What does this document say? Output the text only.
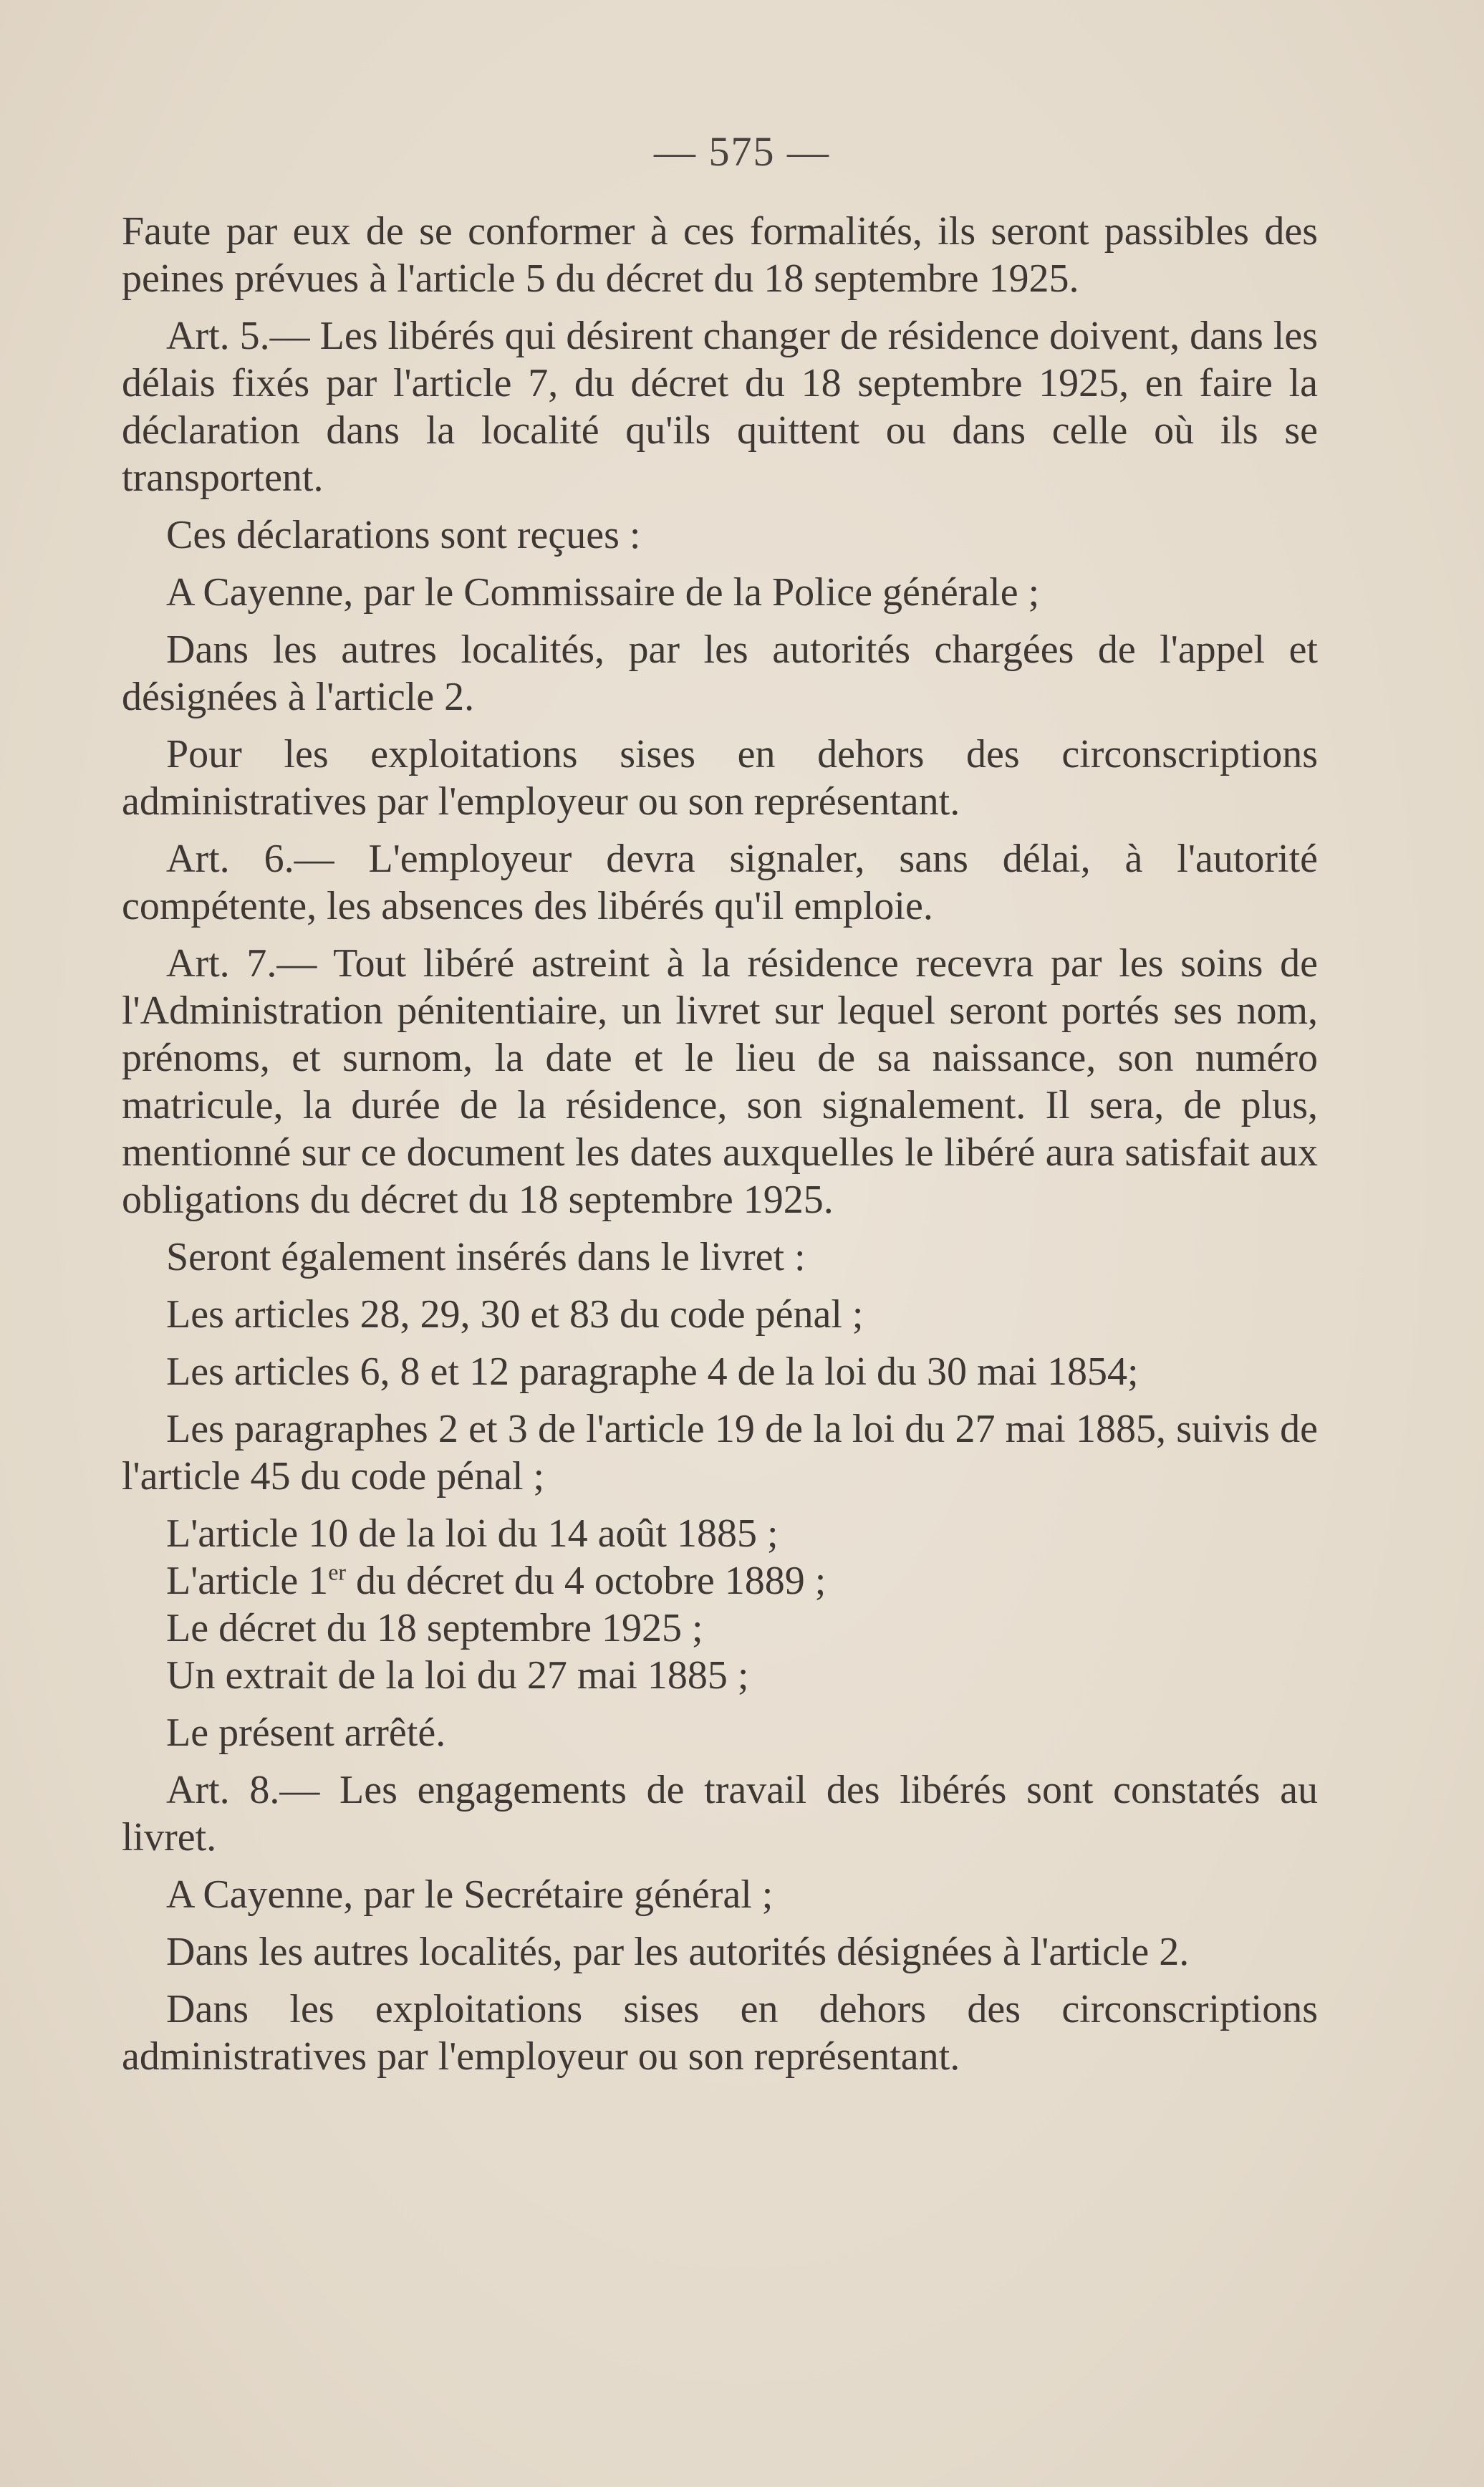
— 575 —

Faute par eux de se conformer à ces formalités, ils seront passibles des peines prévues à l'article 5 du décret du 18 septembre 1925.

Art. 5.— Les libérés qui désirent changer de résidence doivent, dans les délais fixés par l'article 7, du décret du 18 septembre 1925, en faire la déclaration dans la localité qu'ils quittent ou dans celle où ils se transportent.

Ces déclarations sont reçues :

A Cayenne, par le Commissaire de la Police générale ;

Dans les autres localités, par les autorités chargées de l'appel et désignées à l'article 2.

Pour les exploitations sises en dehors des circonscriptions administratives par l'employeur ou son représentant.

Art. 6.— L'employeur devra signaler, sans délai, à l'autorité compétente, les absences des libérés qu'il emploie.

Art. 7.— Tout libéré astreint à la résidence recevra par les soins de l'Administration pénitentiaire, un livret sur lequel seront portés ses nom, prénoms, et surnom, la date et le lieu de sa naissance, son numéro matricule, la durée de la résidence, son signalement. Il sera, de plus, mentionné sur ce document les dates auxquelles le libéré aura satisfait aux obligations du décret du 18 septembre 1925.

Seront également insérés dans le livret :

Les articles 28, 29, 30 et 83 du code pénal ;

Les articles 6, 8 et 12 paragraphe 4 de la loi du 30 mai 1854;

Les paragraphes 2 et 3 de l'article 19 de la loi du 27 mai 1885, suivis de l'article 45 du code pénal ;

L'article 10 de la loi du 14 août 1885 ;

L'article 1er du décret du 4 octobre 1889 ;

Le décret du 18 septembre 1925 ;

Un extrait de la loi du 27 mai 1885 ;

Le présent arrêté.

Art. 8.— Les engagements de travail des libérés sont constatés au livret.

A Cayenne, par le Secrétaire général ;

Dans les autres localités, par les autorités désignées à l'article 2.

Dans les exploitations sises en dehors des circonscriptions administratives par l'employeur ou son représentant.
